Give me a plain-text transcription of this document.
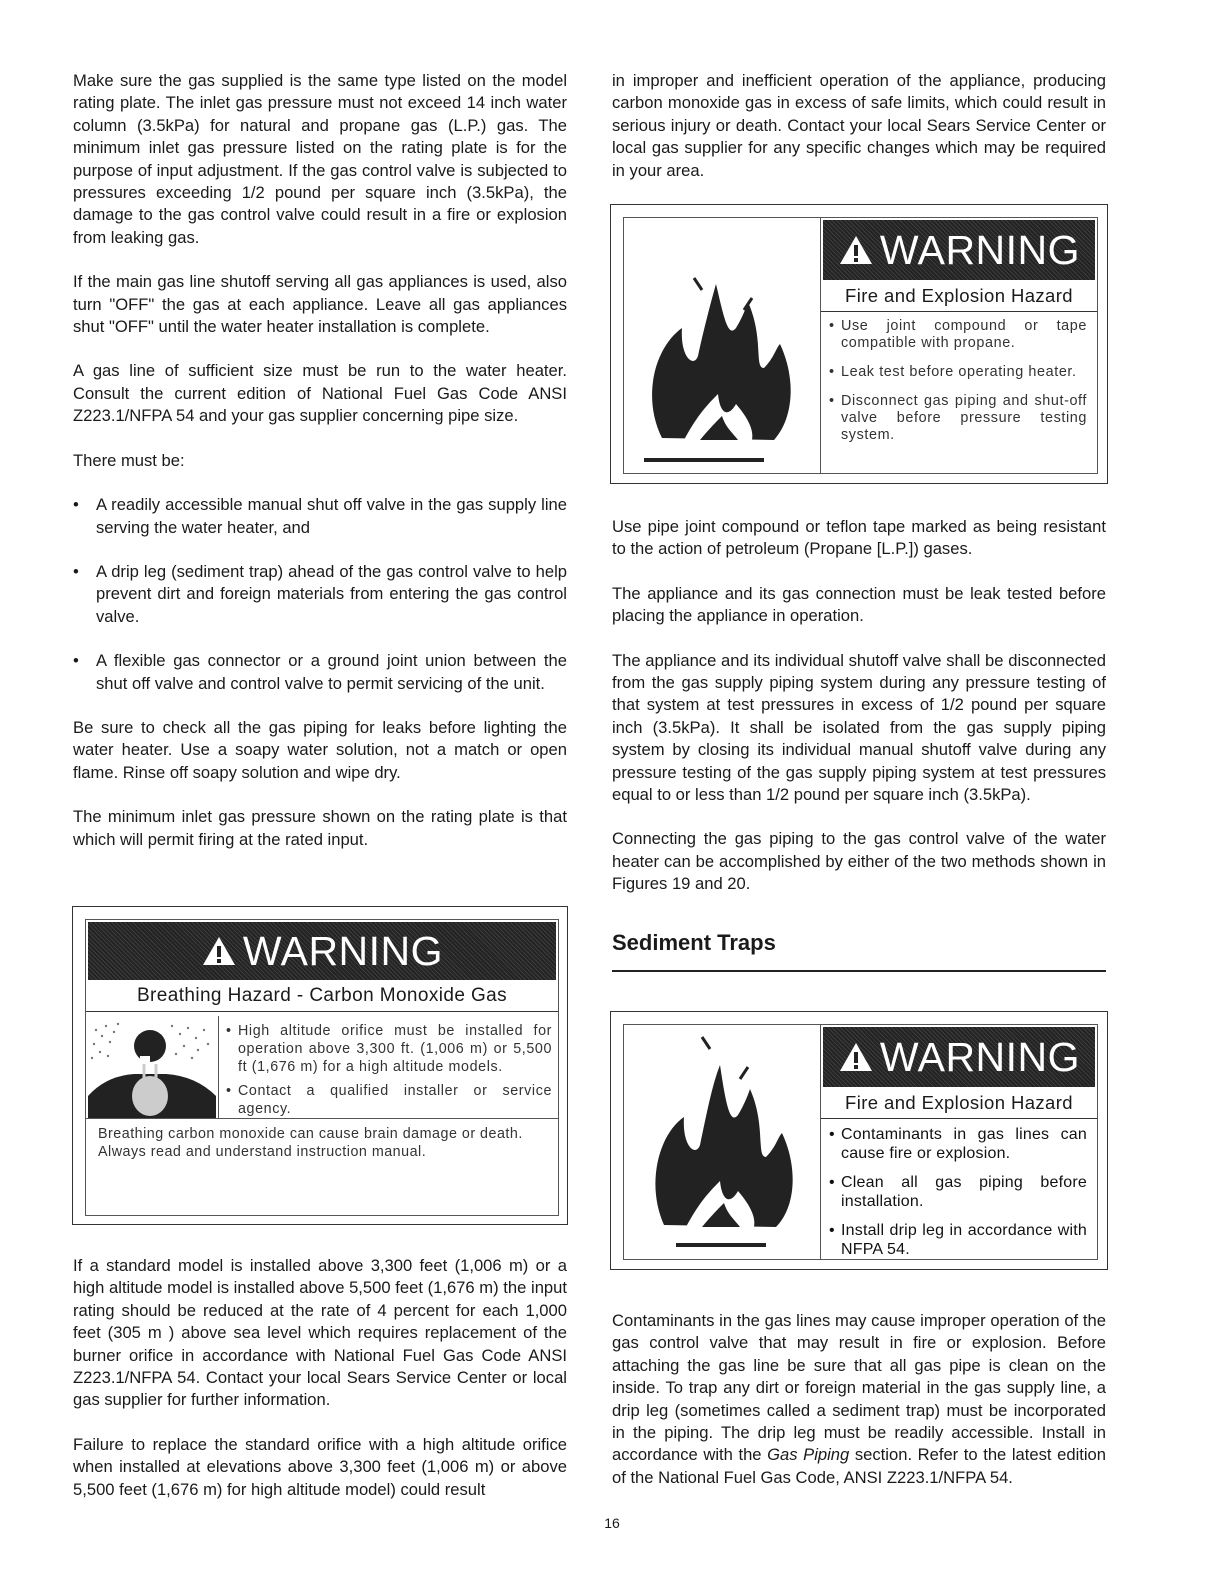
Make sure the gas supplied is the same type listed on the model rating plate. The inlet gas pressure must not exceed 14 inch water column (3.5kPa) for natural and propane gas (L.P.) gas. The minimum inlet gas pressure listed on the rating plate is for the purpose of input adjustment. If the gas control valve is subjected to pressures exceeding 1/2 pound per square inch (3.5kPa), the damage to the gas control valve could result in a fire or explosion from leaking gas.

If the main gas line shutoff serving all gas appliances is used, also turn "OFF" the gas at each appliance. Leave all gas appliances shut "OFF" until the water heater installation is complete.

A gas line of sufficient size must be run to the water heater. Consult the current edition of National Fuel Gas Code ANSI Z223.1/NFPA 54 and your gas supplier concerning pipe size.

There must be:

• A readily accessible manual shut off valve in the gas supply line serving the water heater, and
• A drip leg (sediment trap) ahead of the gas control valve to help prevent dirt and foreign materials from entering the gas control valve.
• A flexible gas connector or a ground joint union between the shut off valve and control valve to permit servicing of the unit.

Be sure to check all the gas piping for leaks before lighting the water heater. Use a soapy water solution, not a match or open flame. Rinse off soapy solution and wipe dry.

The minimum inlet gas pressure shown on the rating plate is that which will permit firing at the rated input.

WARNING
Breathing Hazard - Carbon Monoxide Gas
• High altitude orifice must be installed for operation above 3,300 ft. (1,006 m) or 5,500 ft (1,676 m) for a high altitude models.
• Contact a qualified installer or service agency.
Breathing carbon monoxide can cause brain damage or death. Always read and understand instruction manual.

If a standard model is installed above 3,300 feet (1,006 m) or a high altitude model is installed above 5,500 feet (1,676 m) the input rating should be reduced at the rate of 4 percent for each 1,000 feet (305 m ) above sea level which requires replacement of the burner orifice in accordance with National Fuel Gas Code ANSI Z223.1/NFPA 54. Contact your local Sears Service Center or local gas supplier for further information.

Failure to replace the standard orifice with a high altitude orifice when installed at elevations above 3,300 feet (1,006 m) or above 5,500 feet (1,676 m) for high altitude model) could result

in improper and inefficient operation of the appliance, producing carbon monoxide gas in excess of safe limits, which could result in serious injury or death. Contact your local Sears Service Center or local gas supplier for any specific changes which may be required in your area.

WARNING
Fire and Explosion Hazard
• Use joint compound or tape compatible with propane.
• Leak test before operating heater.
• Disconnect gas piping and shut-off valve before pressure testing system.

Use pipe joint compound or teflon tape marked as being resistant to the action of petroleum (Propane [L.P.]) gases.

The appliance and its gas connection must be leak tested before placing the appliance in operation.

The appliance and its individual shutoff valve shall be disconnected from the gas supply piping system during any pressure testing of that system at test pressures in excess of 1/2 pound per square inch (3.5kPa). It shall be isolated from the gas supply piping system by closing its individual manual shutoff valve during any pressure testing of the gas supply piping system at test pressures equal to or less than 1/2 pound per square inch (3.5kPa).

Connecting the gas piping to the gas control valve of the water heater can be accomplished by either of the two methods shown in Figures 19 and 20.

Sediment Traps
WARNING
Fire and Explosion Hazard
• Contaminants in gas lines can cause fire or explosion.
• Clean all gas piping before installation.
• Install drip leg in accordance with NFPA 54.

Contaminants in the gas lines may cause improper operation of the gas control valve that may result in fire or explosion. Before attaching the gas line be sure that all gas pipe is clean on the inside. To trap any dirt or foreign material in the gas supply line, a drip leg (sometimes called a sediment trap) must be incorporated in the piping. The drip leg must be readily accessible. Install in accordance with the Gas Piping section. Refer to the latest edition of the National Fuel Gas Code, ANSI Z223.1/NFPA 54.

16
